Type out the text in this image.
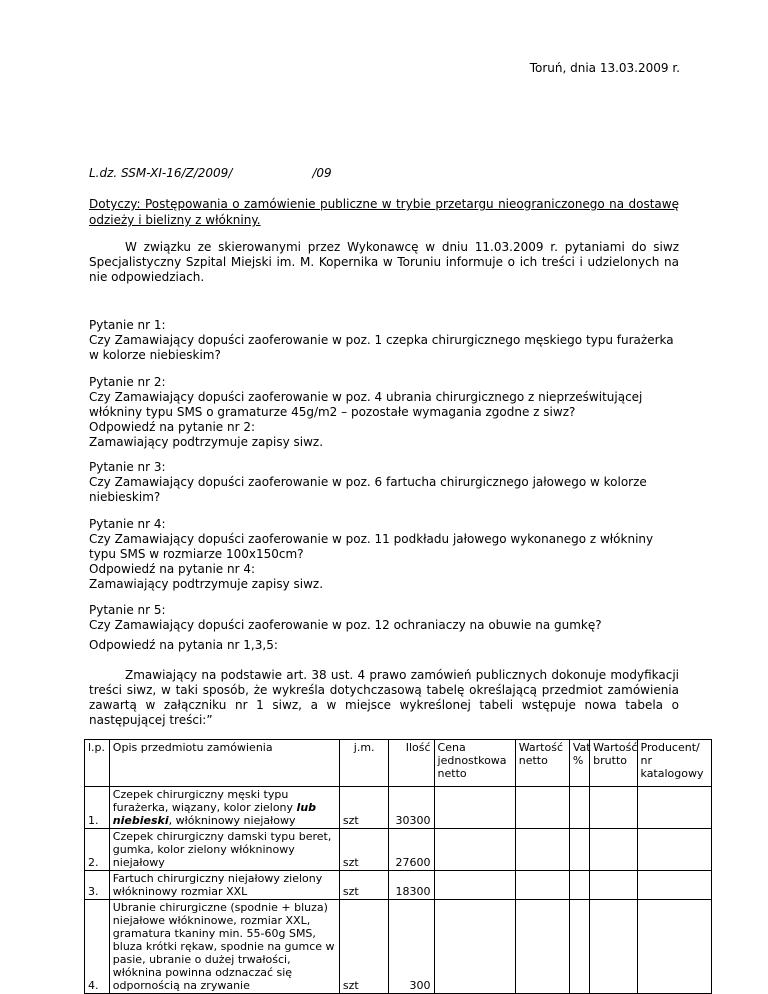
Toruń, dnia 13.03.2009 r.
L.dz. SSM-XI-16/Z/2009/	/09
Dotyczy: Postępowania o zamówienie publiczne w trybie przetargu nieograniczonego na dostawę odzieży i bielizny z włókniny.
W związku ze skierowanymi przez Wykonawcę w dniu 11.03.2009 r. pytaniami do siwz Specjalistyczny Szpital Miejski im. M. Kopernika w Toruniu informuje o ich treści i udzielonych na nie odpowiedziach.
Pytanie nr 1:
Czy Zamawiający dopuści zaoferowanie w poz. 1 czepka chirurgicznego męskiego typu furażerka w kolorze niebieskim?
Pytanie nr 2:
Czy Zamawiający dopuści zaoferowanie w poz. 4 ubrania chirurgicznego z nieprześwitującej włókniny typu SMS o gramaturze 45g/m2 – pozostałe wymagania zgodne z siwz?
Odpowiedź na pytanie nr 2:
Zamawiający podtrzymuje zapisy siwz.
Pytanie nr 3:
Czy Zamawiający dopuści zaoferowanie w poz. 6 fartucha chirurgicznego jałowego w kolorze niebieskim?
Pytanie nr 4:
Czy Zamawiający dopuści zaoferowanie w poz. 11 podkładu jałowego wykonanego z włókniny typu SMS w rozmiarze 100x150cm?
Odpowiedź na pytanie nr 4:
Zamawiający podtrzymuje zapisy siwz.
Pytanie nr 5:
Czy Zamawiający dopuści zaoferowanie w poz. 12 ochraniaczy na obuwie na gumkę?
Odpowiedź na pytania nr 1,3,5:
Zmawiający na podstawie art. 38 ust. 4 prawo zamówień publicznych dokonuje modyfikacji treści siwz, w taki sposób, że wykreśla dotychczasową tabelę określającą przedmiot zamówienia zawartą w załączniku nr 1 siwz, a w miejsce wykreślonej tabeli wstępuje nowa tabela o następującej treści:”
l.p.	Opis przedmiotu zamówienia	j.m.	Ilość	Cena jednostkowa netto	Wartość netto	Vat %	Wartość brutto	Producent/ nr katalogowy
1.	Czepek chirurgiczny męski typu furażerka, wiązany, kolor zielony lub niebieski, włókninowy niejałowy	szt	30300					
2.	Czepek chirurgiczny damski typu beret, gumka, kolor zielony włókninowy niejałowy	szt	27600					
3.	Fartuch chirurgiczny niejałowy zielony włókninowy rozmiar XXL	szt	18300					
4.	Ubranie chirurgiczne (spodnie + bluza) niejałowe włókninowe, rozmiar XXL, gramatura tkaniny min. 55-60g SMS, bluza krótki rękaw, spodnie na gumce w pasie, ubranie o dużej trwałości, włóknina powinna odznaczać się odpornością na zrywanie	szt	300					
